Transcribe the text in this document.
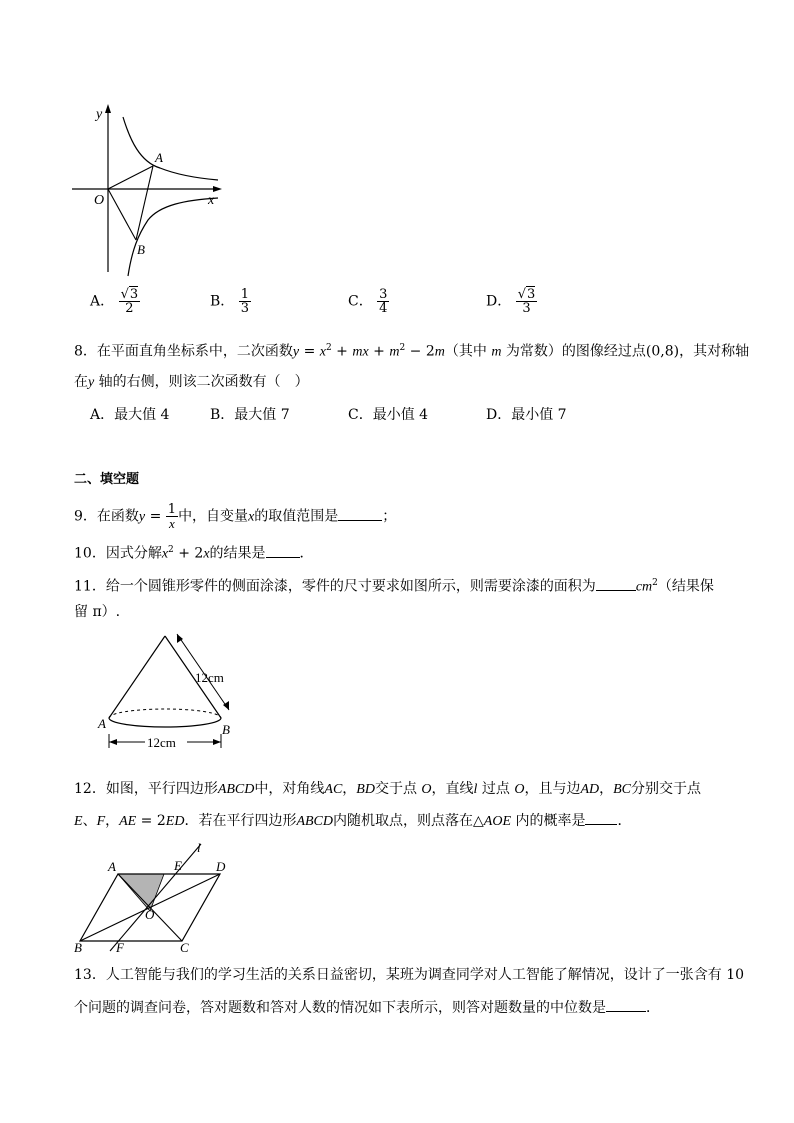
y
x
O
A
B
A． $\frac{√3}{2}$	B． $\frac{1}{3}$	C． $\frac{3}{4}$	D． $\frac{√3}{3}$
8．在平面直角坐标系中，二次函数$y = x^2$ + mx + $m^2 - 2m$（其中 m 为常数）的图像经过点(0,8)，其对称轴
在y 轴的右侧，则该二次函数有（　）
A．最大值 4	B．最大值 7	C．最小值 4	D．最小值 7
二、填空题
9．在函数$y = \frac{1}{x}$ 中，自变量x的取值范围是	；
10．因式分解$x^2 + 2x$的结果是 ．
11．给一个圆锥形零件的侧面涂漆，零件的尺寸要求如图所示，则需要涂漆的面积为	$cm^2$（结果保
留 π）.
12cm
12cm
A	B
12．如图，平行四边形ABCD中，对角线AC，BD交于点 O，直线l 过点 O，且与边AD，BC分别交于点
E、F，AE = 2ED．若在平行四边形ABCD内随机取点，则点落在△AOE 内的概率是 ．
A	E
l
D
O
B	F	C
13．人工智能与我们的学习生活的关系日益密切，某班为调查同学对人工智能了解情况，设计了一张含有 10
个问题的调查问卷，答对题数和答对人数的情况如下表所示，则答对题数量的中位数是	．
